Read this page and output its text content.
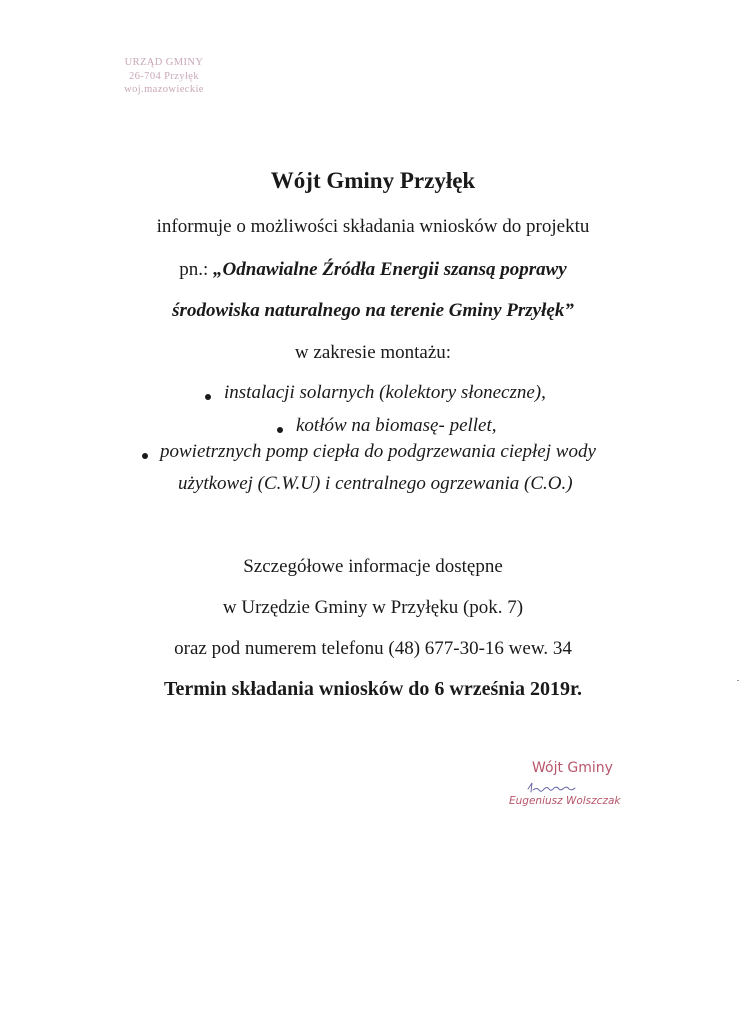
URZĄD GMINY
26-704 Przyłęk
woj.mazowieckie
Wójt Gminy Przyłęk
informuje o możliwości składania wniosków do projektu
pn.: „Odnawialne Źródła Energii szansą poprawy
środowiska naturalnego na terenie Gminy Przyłęk”
w zakresie montażu:
instalacji solarnych (kolektory słoneczne),
kotłów na biomasę- pellet,
powietrznych pomp ciepła do podgrzewania ciepłej wody
użytkowej (C.W.U) i centralnego ogrzewania (C.O.)
Szczegółowe informacje dostępne
w Urzędzie Gminy w Przyłęku (pok. 7)
oraz pod numerem telefonu (48) 677-30-16 wew. 34
Termin składania wniosków do 6 września 2019r.
Wójt Gminy
Eugeniusz Wolszczak
